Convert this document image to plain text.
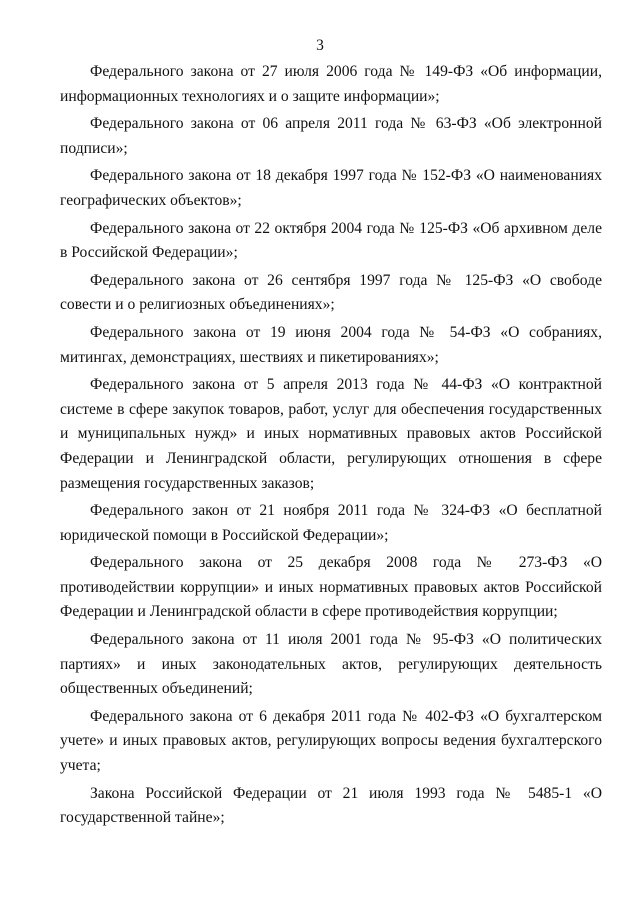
3

Федерального закона от 27 июля 2006 года № 149-ФЗ «Об информации, информационных технологиях и о защите информации»;

Федерального закона от 06 апреля 2011 года № 63-ФЗ «Об электронной подписи»;

Федерального закона от 18 декабря 1997 года № 152-ФЗ «О наименованиях географических объектов»;

Федерального закона от 22 октября 2004 года № 125-ФЗ «Об архивном деле в Российской Федерации»;

Федерального закона от 26 сентября 1997 года № 125-ФЗ «О свободе совести и о религиозных объединениях»;

Федерального закона от 19 июня 2004 года № 54-ФЗ «О собраниях, митингах, демонстрациях, шествиях и пикетированиях»;

Федерального закона от 5 апреля 2013 года № 44-ФЗ «О контрактной системе в сфере закупок товаров, работ, услуг для обеспечения государственных и муниципальных нужд» и иных нормативных правовых актов Российской Федерации и Ленинградской области, регулирующих отношения в сфере размещения государственных заказов;

Федерального закон от 21 ноября 2011 года № 324-ФЗ «О бесплатной юридической помощи в Российской Федерации»;

Федерального закона от 25 декабря 2008 года № 273-ФЗ «О противодействии коррупции» и иных нормативных правовых актов Российской Федерации и Ленинградской области в сфере противодействия коррупции;

Федерального закона от 11 июля 2001 года № 95-ФЗ «О политических партиях» и иных законодательных актов, регулирующих деятельность общественных объединений;

Федерального закона от 6 декабря 2011 года № 402-ФЗ «О бухгалтерском учете» и иных правовых актов, регулирующих вопросы ведения бухгалтерского учета;

Закона Российской Федерации от 21 июля 1993 года № 5485-1 «О государственной тайне»;
